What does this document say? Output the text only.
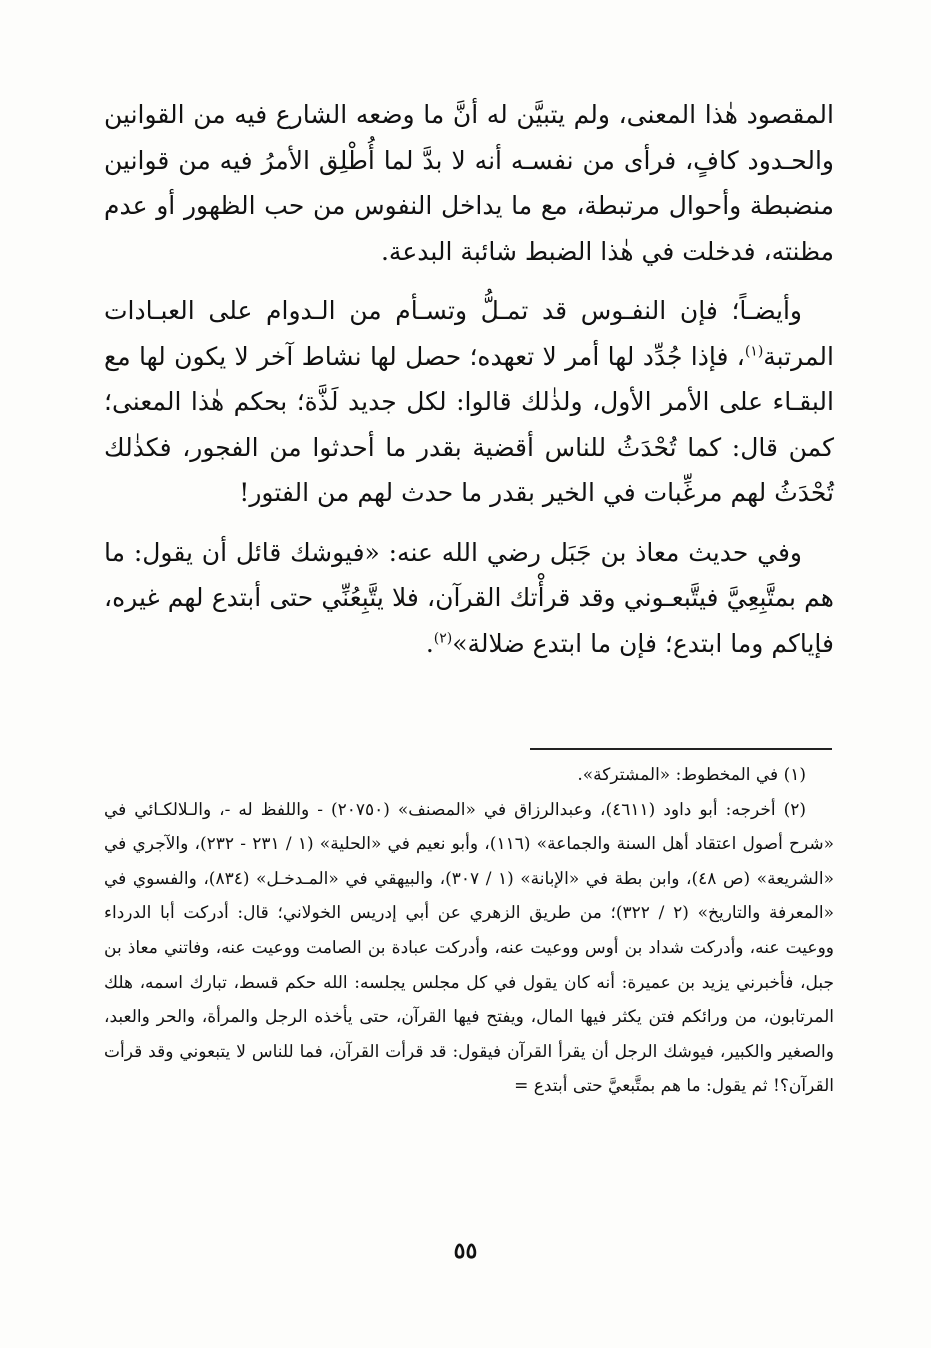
المقصود هٰذا المعنى، ولم يتبيَّن له أنَّ ما وضعه الشارع فيه من القوانين والحـدود كافٍ، فرأى من نفسـه أنه لا بدَّ لما أُطْلِق الأمرُ فيه من قوانين منضبطة وأحوال مرتبطة، مع ما يداخل النفوس من حب الظهور أو عدم مظنته، فدخلت في هٰذا الضبط شائبة البدعة.

وأيضـاً؛ فإن النفـوس قد تمـلُّ وتسـأم من الـدوام على العبـادات المرتبة$^{(١)}$، فإذا جُدِّد لها أمر لا تعهده؛ حصل لها نشاط آخر لا يكون لها مع البقـاء على الأمر الأول، ولذٰلك قالوا: لكل جديد لَذَّة؛ بحكم هٰذا المعنى؛ كمن قال: كما تُحْدَثُ للناس أقضية بقدر ما أحدثوا من الفجور، فكذٰلك تُحْدَثُ لهم مرغِّبات في الخير بقدر ما حدث لهم من الفتور!

وفي حديث معاذ بن جَبَل رضي الله عنه: «فيوشك قائل أن يقول: ما هم بمتَّبِعِيَّ فيتَّبعـوني وقد قرأْتك القرآن، فلا يتَّبِعُنِّي حتى أبتدع لهم غيره، فإياكم وما ابتدع؛ فإن ما ابتدع ضلالة»$^{(٢)}$.

(١) في المخطوط: «المشتركة».

(٢) أخرجه: أبو داود (٤٦١١)، وعبدالرزاق في «المصنف» (٢٠٧٥٠) - واللفظ له -، والـلالكـائي في «شرح أصول اعتقاد أهل السنة والجماعة» (١١٦)، وأبو نعيم في «الحلية» (١ / ٢٣١ - ٢٣٢)، والآجري في «الشريعة» (ص ٤٨)، وابن بطة في «الإبانة» (١ / ٣٠٧)، والبيهقي في «المـدخـل» (٨٣٤)، والفسوي في «المعرفة والتاريخ» (٢ / ٣٢٢)؛ من طريق الزهري عن أبي إدريس الخولاني؛ قال: أدركت أبا الدرداء ووعيت عنه، وأدركت شداد بن أوس ووعيت عنه، وأدركت عبادة بن الصامت ووعيت عنه، وفاتني معاذ بن جبل، فأخبرني يزيد بن عميرة: أنه كان يقول في كل مجلس يجلسه: الله حكم قسط، تبارك اسمه، هلك المرتابون، من ورائكم فتن يكثر فيها المال، ويفتح فيها القرآن، حتى يأخذه الرجل والمرأة، والحر والعبد، والصغير والكبير، فيوشك الرجل أن يقرأ القرآن فيقول: قد قرأت القرآن، فما للناس لا يتبعوني وقد قرأت القرآن؟! ثم يقول: ما هم بمتَّبعيَّ حتى أبتدع =

٥٥
